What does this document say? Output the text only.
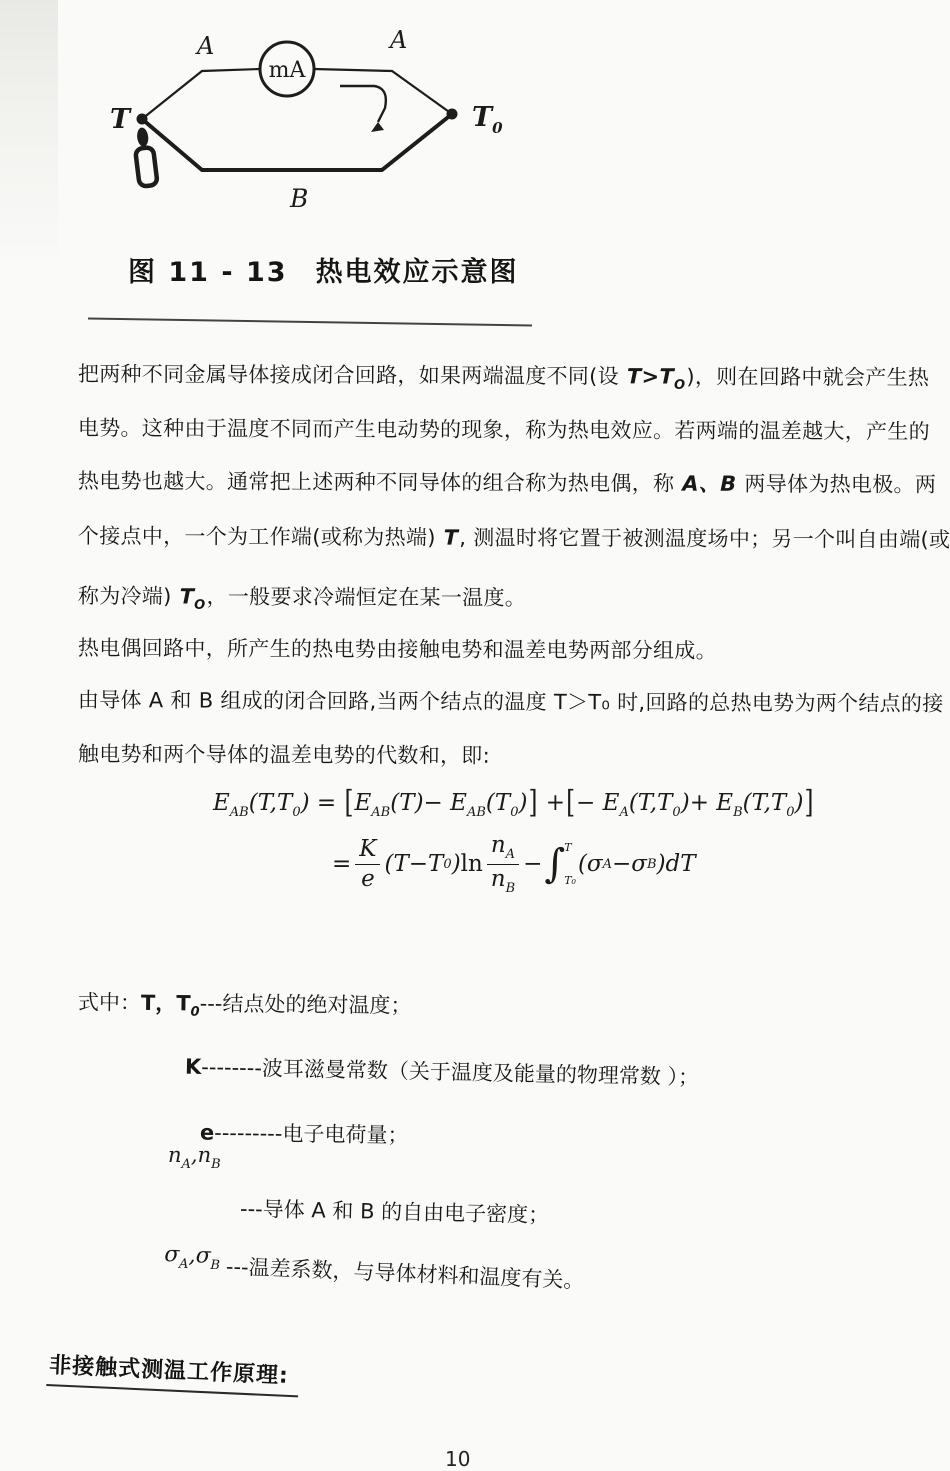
mA
T
A	A
$T_0$
B
图 11 - 13 热电效应示意图
把两种不同金属导体接成闭合回路，如果两端温度不同(设 $T>T_O$)，则在回路中就会产生热
电势。这种由于温度不同而产生电动势的现象，称为热电效应。若两端的温差越大，产生的
热电势也越大。通常把上述两种不同导体的组合称为热电偶，称 A、B 两导体为热电极。两
个接点中，一个为工作端(或称为热端) T, 测温时将它置于被测温度场中；另一个叫自由端(或
称为冷端) $T_O$，一般要求冷端恒定在某一温度。
热电偶回路中，所产生的热电势由接触电势和温差电势两部分组成。
由导体 A 和 B 组成的闭合回路,当两个结点的温度 T＞T₀ 时,回路的总热电势为两个结点的接
触电势和两个导体的温差电势的代数和，即:
$E_{AB}(T,T_0) = [E_{AB}(T)- E_{AB}(T_0)]$ +[− $E_A(T,T_0)+ E_B(T,T_0)$]
= $\frac{K}{e} (T-T$ 0 ) ln
$n_A$
$n_B$
− ∫ T
T₀
(σ A −σ B ) dT
式中：T，$T_0---$结点处的绝对温度；
K--------波耳滋曼常数（关于温度及能量的物理常数 ）；
e---------电子电荷量；
$n_A,n_B$
---导体 A 和 B 的自由电子密度；
$\sigma_A,\sigma_B$ ---温差系数，与导体材料和温度有关。
非接触式测温工作原理:
10
